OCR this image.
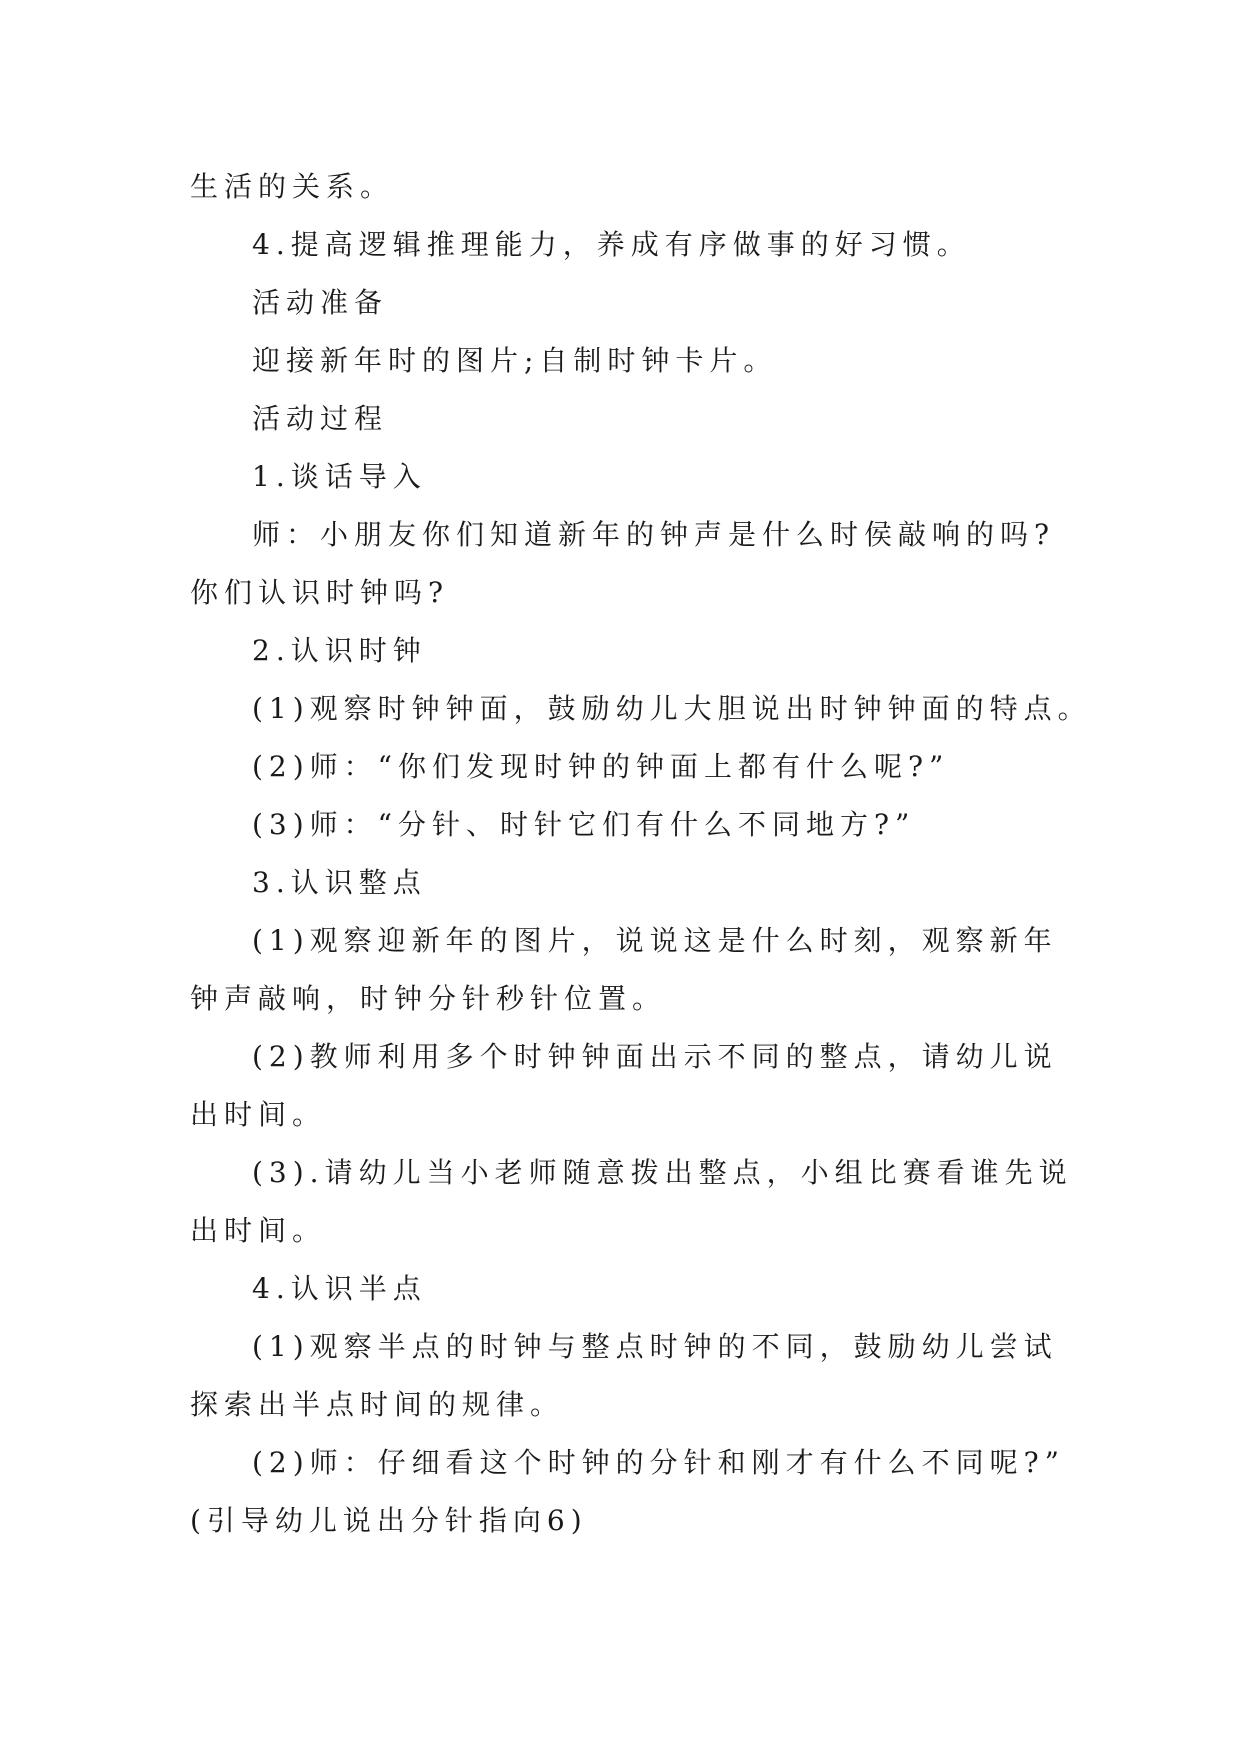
生活的关系。
4.提高逻辑推理能力，养成有序做事的好习惯。
活动准备
迎接新年时的图片;自制时钟卡片。
活动过程
1.谈话导入
师：小朋友你们知道新年的钟声是什么时侯敲响的吗?
你们认识时钟吗?
2.认识时钟
(1)观察时钟钟面，鼓励幼儿大胆说出时钟钟面的特点。
(2)师：“你们发现时钟的钟面上都有什么呢?”
(3)师：“分针、时针它们有什么不同地方?”
3.认识整点
(1)观察迎新年的图片，说说这是什么时刻，观察新年
钟声敲响，时钟分针秒针位置。
(2)教师利用多个时钟钟面出示不同的整点，请幼儿说
出时间。
(3).请幼儿当小老师随意拨出整点，小组比赛看谁先说
出时间。
4.认识半点
(1)观察半点的时钟与整点时钟的不同，鼓励幼儿尝试
探索出半点时间的规律。
(2)师：仔细看这个时钟的分针和刚才有什么不同呢?”
(引导幼儿说出分针指向6)
